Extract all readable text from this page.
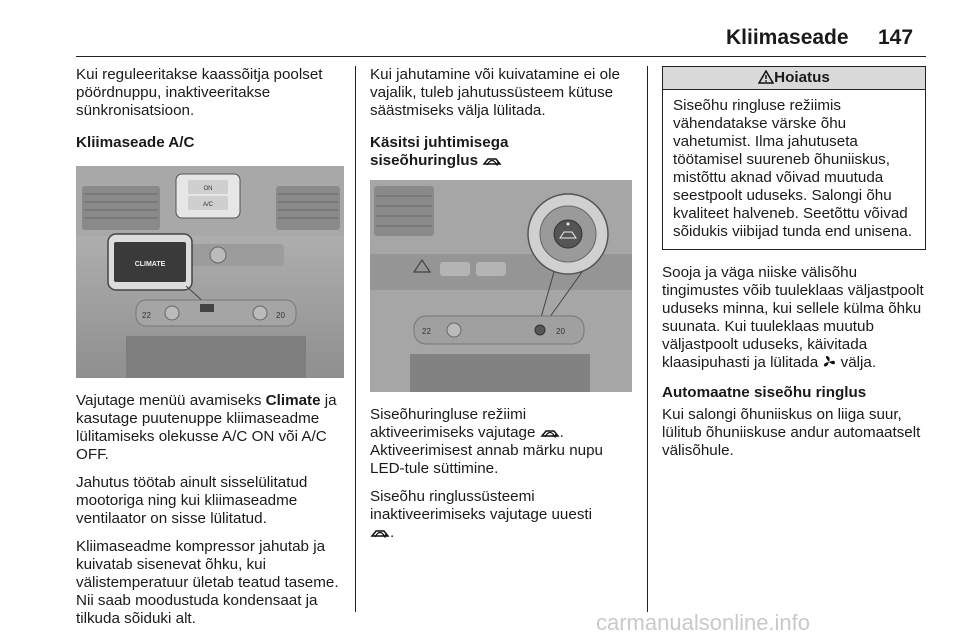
Kliimaseade 147

Kui reguleeritakse kaassõitja poolset pöördnuppu, inaktiveeritakse sünkronisatsioon.

Kliimaseade A/C

ON
A/C
CLIMATE
22	20

Vajutage menüü avamiseks Climate ja kasutage puutenuppe kliimaseadme lülitamiseks olekusse A/C ON või A/C OFF.

Jahutus töötab ainult sisselülitatud mootoriga ning kui kliimaseadme ventilaator on sisse lülitatud.

Kliimaseadme kompressor jahutab ja kuivatab sisenevat õhku, kui välistemperatuur ületab teatud taseme. Nii saab moodustuda kondensaat ja tilkuda sõiduki alt.

Kui jahutamine või kuivatamine ei ole vajalik, tuleb jahutussüsteem kütuse säästmiseks välja lülitada.

Käsitsi juhtimisega
siseõhuringlus
22	20

Siseõhuringluse režiimi aktiveerimiseks vajutage . Aktiveerimisest annab märku nupu LED-tule süttimine.

Siseõhu ringlussüsteemi inaktiveerimiseks vajutage uuesti
.

Hoiatus
Siseõhu ringluse režiimis vähendatakse värske õhu vahetumist. Ilma jahutuseta töötamisel suureneb õhuniiskus, mistõttu aknad võivad muutuda seestpoolt uduseks. Salongi õhu kvaliteet halveneb. Seetõttu võivad sõidukis viibijad tunda end unisena.

Sooja ja väga niiske välisõhu tingimustes võib tuuleklaas väljastpoolt uduseks minna, kui sellele külma õhku suunata. Kui tuuleklaas muutub väljastpoolt uduseks, käivitada klaasipuhasti ja lülitada  välja.

Automaatne siseõhu ringlus

Kui salongi õhuniiskus on liiga suur, lülitub õhuniiskuse andur automaatselt välisõhule.

carmanualsonline.info
